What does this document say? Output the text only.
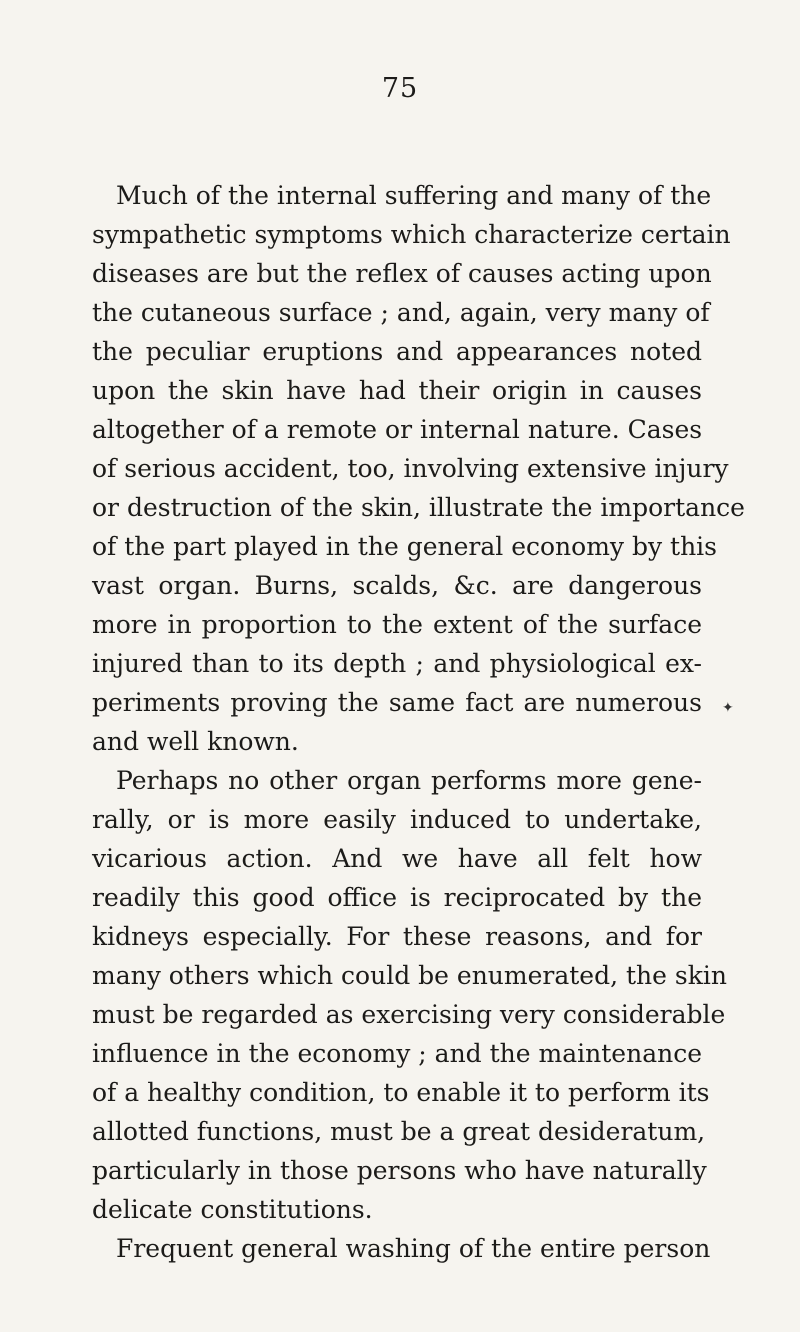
75
Much of the internal suffering and many of the
sympathetic symptoms which characterize certain
diseases are but the reflex of causes acting upon
the cutaneous surface ; and, again, very many of
the peculiar eruptions and appearances noted
upon the skin have had their origin in causes
altogether of a remote or internal nature. Cases
of serious accident, too, involving extensive injury
or destruction of the skin, illustrate the importance
of the part played in the general economy by this
vast organ. Burns, scalds, &c. are dangerous
more in proportion to the extent of the surface
injured than to its depth ; and physiological ex-
periments proving the same fact are numerous
and well known.
Perhaps no other organ performs more gene-
rally, or is more easily induced to undertake,
vicarious action. And we have all felt how
readily this good office is reciprocated by the
kidneys especially. For these reasons, and for
many others which could be enumerated, the skin
must be regarded as exercising very considerable
influence in the economy ; and the maintenance
of a healthy condition, to enable it to perform its
allotted functions, must be a great desideratum,
particularly in those persons who have naturally
delicate constitutions.
Frequent general washing of the entire person
✦
